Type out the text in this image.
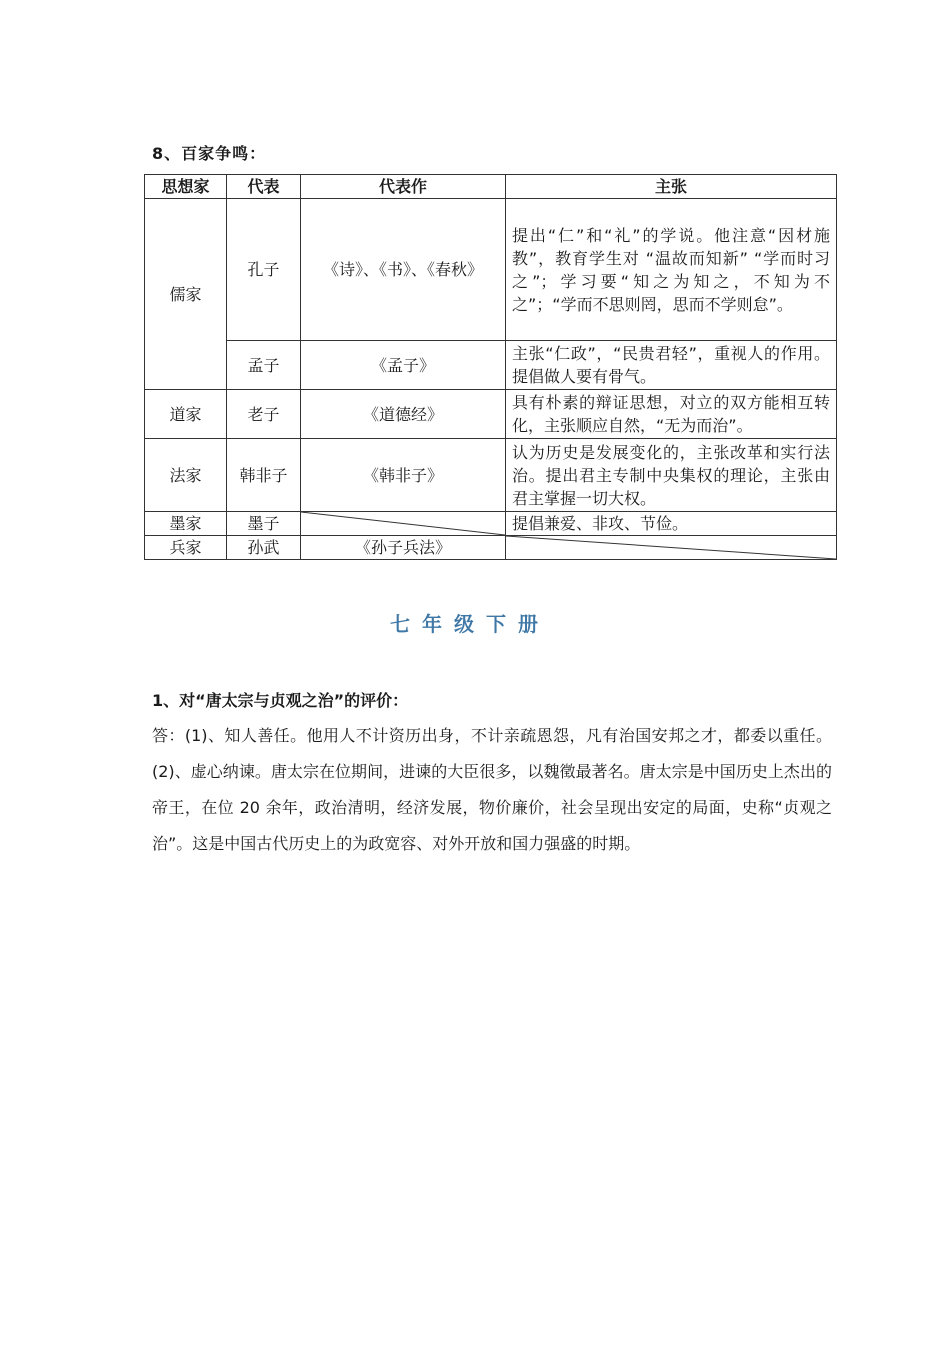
8、百家争鸣：
思想家	代表	代表作	主张
儒家	孔子	《诗》、《书》、《春秋》	提出“仁”和“礼”的学说。他注意“因材施教”，教育学生对 “温故而知新” “学而时习之”；学习要“知之为知之，不知为不之”；“学而不思则罔，思而不学则怠”。
	孟子	《孟子》	主张“仁政”，“民贵君轻”，重视人的作用。提倡做人要有骨气。
道家	老子	《道德经》	具有朴素的辩证思想，对立的双方能相互转化，主张顺应自然，“无为而治”。
法家	韩非子	《韩非子》	认为历史是发展变化的，主张改革和实行法治。提出君主专制中央集权的理论，主张由君主掌握一切大权。
墨家	墨子		提倡兼爱、非攻、节俭。
兵家	孙武	《孙子兵法》	
七年级下册
1、对“唐太宗与贞观之治”的评价：
答：(1)、知人善任。他用人不计资历出身，不计亲疏恩怨，凡有治国安邦之才，都委以重任。(2)、虚心纳谏。唐太宗在位期间，进谏的大臣很多，以魏徵最著名。唐太宗是中国历史上杰出的帝王，在位 20 余年，政治清明，经济发展，物价廉价，社会呈现出安定的局面，史称“贞观之治”。这是中国古代历史上的为政宽容、对外开放和国力强盛的时期。
